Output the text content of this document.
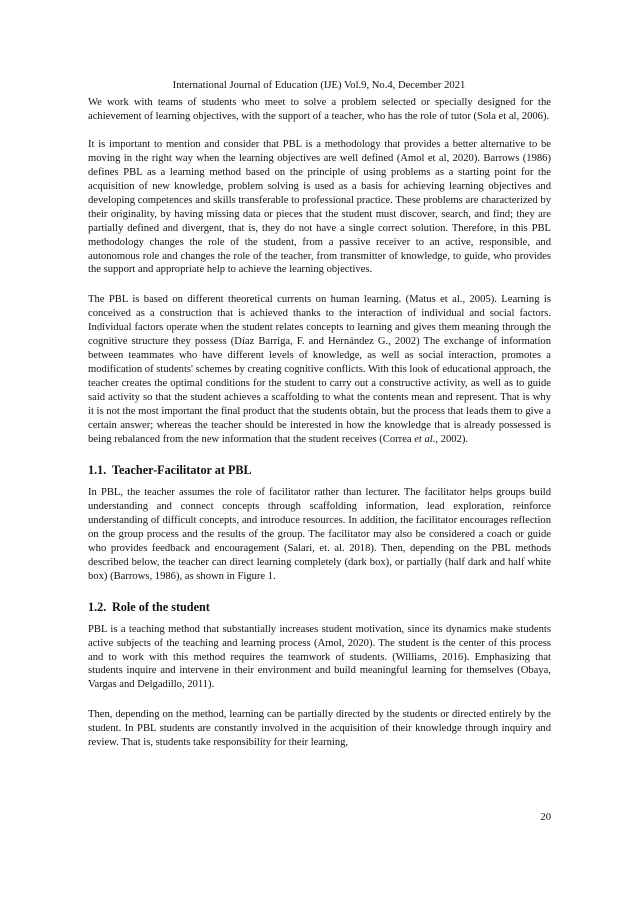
International Journal of Education (IJE) Vol.9, No.4, December 2021

We work with teams of students who meet to solve a problem selected or specially designed for the achievement of learning objectives, with the support of a teacher, who has the role of tutor (Sola et al, 2006).

It is important to mention and consider that PBL is a methodology that provides a better alternative to be moving in the right way when the learning objectives are well defined (Amol et al, 2020). Barrows (1986) defines PBL as a learning method based on the principle of using problems as a starting point for the acquisition of new knowledge, problem solving is used as a basis for achieving learning objectives and developing competences and skills transferable to professional practice. These problems are characterized by their originality, by having missing data or pieces that the student must discover, search, and find; they are partially defined and divergent, that is, they do not have a single correct solution. Therefore, in this PBL methodology changes the role of the student, from a passive receiver to an active, responsible, and autonomous role and changes the role of the teacher, from transmitter of knowledge, to guide, who provides the support and appropriate help to achieve the learning objectives.

The PBL is based on different theoretical currents on human learning. (Matus et al., 2005). Learning is conceived as a construction that is achieved thanks to the interaction of individual and social factors. Individual factors operate when the student relates concepts to learning and gives them meaning through the cognitive structure they possess (Díaz Barriga, F. and Hernández G., 2002) The exchange of information between teammates who have different levels of knowledge, as well as social interaction, promotes a modification of students' schemes by creating cognitive conflicts. With this look of educational approach, the teacher creates the optimal conditions for the student to carry out a constructive activity, as well as to guide said activity so that the student achieves a scaffolding to what the contents mean and represent. That is why it is not the most important the final product that the students obtain, but the process that leads them to give a certain answer; whereas the teacher should be interested in how the knowledge that is already possessed is being rebalanced from the new information that the student receives (Correa et al., 2002).

1.1. Teacher-Facilitator at PBL

In PBL, the teacher assumes the role of facilitator rather than lecturer. The facilitator helps groups build understanding and connect concepts through scaffolding information, lead exploration, reinforce understanding of difficult concepts, and introduce resources. In addition, the facilitator encourages reflection on the group process and the results of the group. The facilitator may also be considered a coach or guide who provides feedback and encouragement (Salari, et. al. 2018). Then, depending on the PBL methods described below, the teacher can direct learning completely (dark box), or partially (half dark and half white box) (Barrows, 1986), as shown in Figure 1.

1.2. Role of the student

PBL is a teaching method that substantially increases student motivation, since its dynamics make students active subjects of the teaching and learning process (Amol, 2020). The student is the center of this process and to work with this method requires the teamwork of students. (Williams, 2016). Emphasizing that students inquire and intervene in their environment and build meaningful learning for themselves (Obaya, Vargas and Delgadillo, 2011).

Then, depending on the method, learning can be partially directed by the students or directed entirely by the student. In PBL students are constantly involved in the acquisition of their knowledge through inquiry and review. That is, students take responsibility for their learning,

20
